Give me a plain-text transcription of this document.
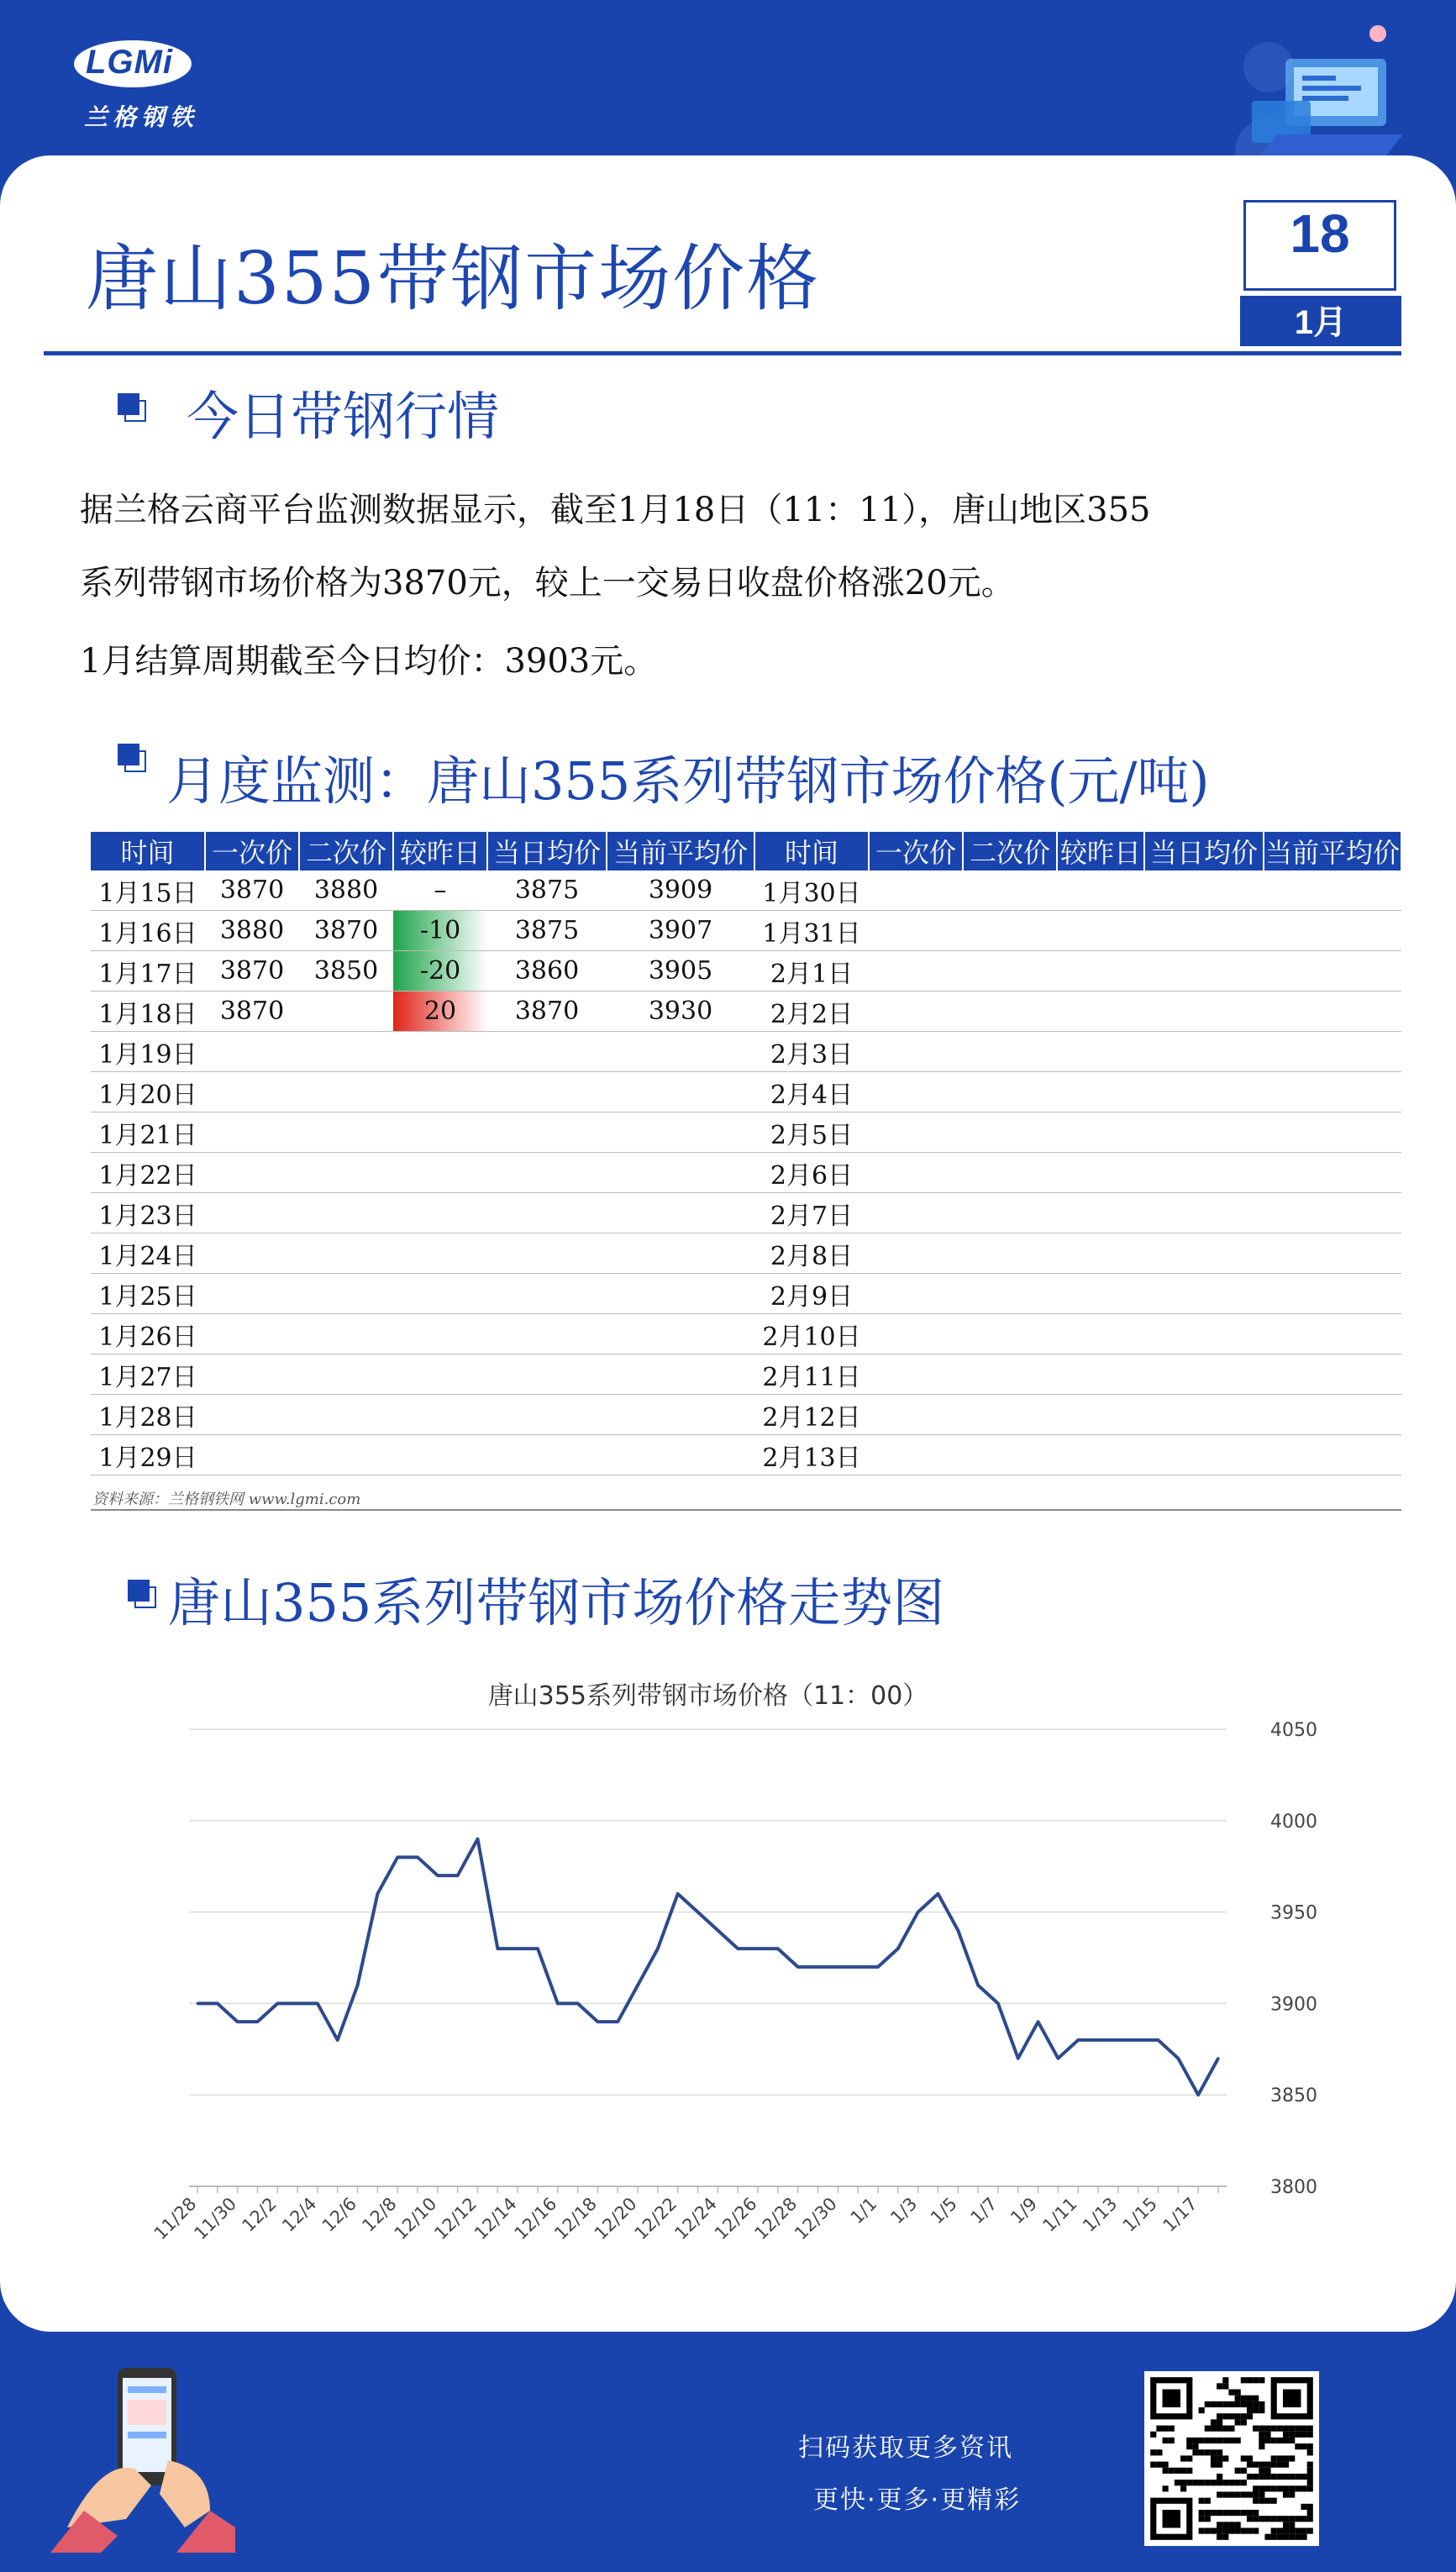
LGMi
兰格钢铁
唐山355带钢市场价格
18
1月
今日带钢行情
据兰格云商平台监测数据显示，截至1月18日（11：11），唐山地区355
系列带钢市场价格为3870元，较上一交易日收盘价格涨20元。
1月结算周期截至今日均价：3903元。
月度监测：唐山355系列带钢市场价格(元/吨)
时间	一次价	二次价	较昨日	当日均价	当前平均价	时间	一次价	二次价	较昨日	当日均价	当前平均价
1月15日	3870	3880	–	3875	3909	1月30日					
1月16日	3880	3870	-10	3875	3907	1月31日					
1月17日	3870	3850	-20	3860	3905	2月1日					
1月18日	3870		20	3870	3930	2月2日					
1月19日						2月3日					
1月20日						2月4日					
1月21日						2月5日					
1月22日						2月6日					
1月23日						2月7日					
1月24日						2月8日					
1月25日						2月9日					
1月26日						2月10日					
1月27日						2月11日					
1月28日						2月12日					
1月29日						2月13日					
资料来源：兰格钢铁网 www.lgmi.com
唐山355系列带钢市场价格走势图
唐山355系列带钢市场价格（11：00）
4050
4000
3950
3900
3850
3800
11/28
11/30
12/2
12/4
12/6
12/8
12/10
12/12
12/14
12/16
12/18
12/20
12/22
12/24
12/26
12/28
12/30 1/1 1/3 1/5 1/7 1/9
1/11
1/13
1/15
1/17
扫码获取更多资讯
更快·更多·更精彩
